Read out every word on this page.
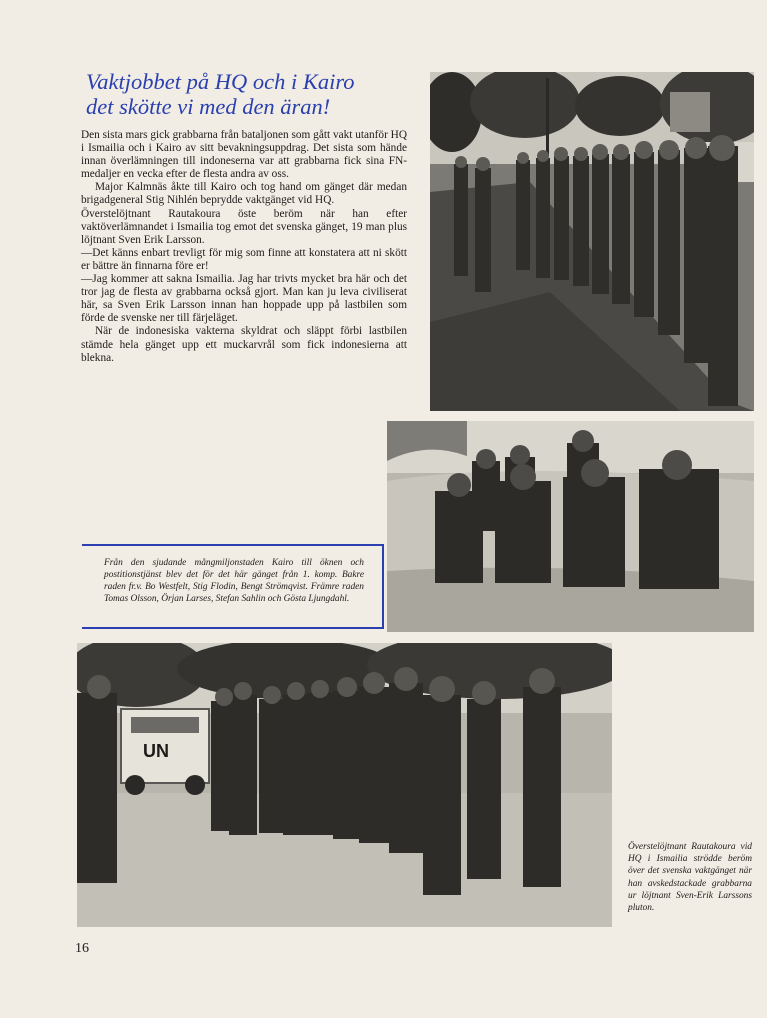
Vaktjobbet på HQ och i Kairo
det skötte vi med den äran!

Den sista mars gick grabbarna från bataljonen som gått vakt utanför HQ i Ismailia och i Kairo av sitt bevakningsuppdrag. Det sista som hände innan överlämningen till indoneserna var att grabbarna fick sina FN-medaljer en vecka efter de flesta andra av oss.

Major Kalmnäs åkte till Kairo och tog hand om gänget där medan brigadgeneral Stig Nihlén beprydde vaktgänget vid HQ.

Överstelöjtnant Rautakoura öste beröm när han efter vaktöverlämnandet i Ismailia tog emot det svenska gänget, 19 man plus löjtnant Sven Erik Larsson.

—Det känns enbart trevligt för mig som finne att konstatera att ni skött er bättre än finnarna före er!

—Jag kommer att sakna Ismailia. Jag har trivts mycket bra här och det tror jag de flesta av grabbarna också gjort. Man kan ju leva civiliserat här, sa Sven Erik Larsson innan han hoppade upp på lastbilen som förde de svenske ner till färjeläget.

När de indonesiska vakterna skyldrat och släppt förbi lastbilen stämde hela gänget upp ett muckarvrål som fick indonesierna att blekna.

Från den sjudande mångmiljonstaden Kairo till öknen och postitionstjänst blev det för det här gänget från 1. komp. Bakre raden fr.v. Bo Westfelt, Stig Flodin, Bengt Strömqvist. Främre raden Tomas Olsson, Örjan Larses, Stefan Sahlin och Gösta Ljungdahl.
UN
Överstelöjtnant Rautakoura vid HQ i Ismailia strödde beröm över det svenska vaktgänget när han avskedstackade grabbarna ur löjtnant Sven-Erik Larssons pluton.
16
